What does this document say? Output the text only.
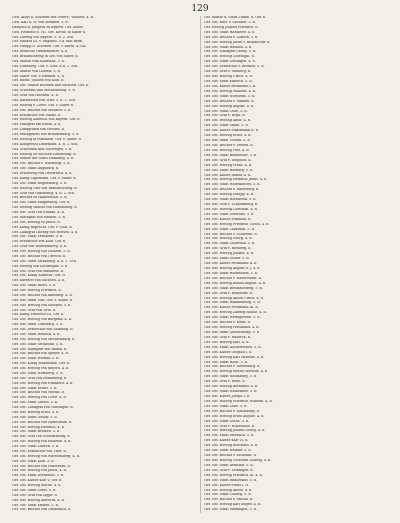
129
Gefl. Aloys d. Schönen von Österr.; Vollbrot. 4. fl.
Gefl. Karl d. IV. von Böhmen. 5. fl.
Heinrich d. Jüngern zu Bayern. Gef. Silber.
Gefl. Heinrich d. VII. Gef. Kreuz. in Silber fl.
Gef. Ludwig von Bayern. 5. fl. 2. Sch.
Gef. Eduard III. v. England. 5 fl. und Riem.
Gef. Philipp d. Schönen. Gef. v. Karth. 4 Sch.
Gef. deutsche Ordenmeister. 4. fl.
Gef. Braunschweig in Gef. von Silber. fl.
Gef. Münze vom Konstanz. 5. fl.
Gef. Nürnberg. Gef. v. Gold. 4 fl. 2. Sch.
Gef. Münze von Lübeck. 5. fl.
Gef. Silber Gef. v. Bremen. 4. fl.
Gef. Rhein. Gulden von Köln. fl.
Gef. Gef. Münze Böhmen und Sachsen. Gef. fl.
Gef. Schwerin und Mecklenburg. 5. fl.
Gef. Graf von Holstein. 4. fl.
Gef. Kurfürsten von Trier. 5. fl. 2. Sch.
Gef. Herzog v. Cleve. Gef. v. Silber. fl.
Gef. Gef. Bischof von Münster. 5. fl.
Gef. Erzbischof von Mainz. fl.
Gef. Herzog Albrecht von Bayern. Gef. fl.
Gef. Pfalzgraf am Rhein. 4. fl.
Gef. Landgrafen von Hessen. fl.
Gef. Markgrafen von Brandenburg. 5. fl.
Gef. Herzog in Pommern. Gef. v. Silber. fl.
Gef. Königreich Dänemark. 4. fl. 2. Sch.
Gef. Schweden und Norwegen. 5. fl.
Gef. Herzog zu Sachsen-Lauenburg. fl.
Gef. Münze der Stadt Hamburg. 4. fl.
Gef. Gef. Bischof v. Würzburg. 5. fl.
Gef. Gef. Stadt Augsburg. fl.
Gef. Erzherzog von Österreich. 4. fl.
Gef. König Sigismund. Gef. v. Silber. fl.
Gef. Gef. Stadt Regensburg. 5. fl.
Gef. Herzog Otto von Braunschweig. fl.
Gef. Graf von Oldenburg. 4. fl. 2. Sch.
Gef. Bischof zu Halberstadt. 5. fl.
Gef. Gef. Stadt Magdeburg. Gef. fl.
Gef. Herzog Wenzel von Luxemburg. fl.
Gef. Gef. Graf von Nassau. 4. fl.
Gef. Markgraf von Meißen. 5. fl.
Gef. Gef. Herzog zu Jülich. fl.
Gef. König Ruprecht. Gef. v. Gold. fl.
Gef. Landgraf Ludwig von Hessen. 4. fl.
Gef. Gef. Stadt Frankfurt. 5. fl.
Gef. Erzbischof von Köln. Gef. fl.
Gef. Graf von Württemberg. 4. fl.
Gef. Gef. Herzog von Geldern. 5. fl.
Gef. Gef. Bischof von Utrecht. fl.
Gef. Gef. Stadt Straßburg. 4. fl. 2. Sch.
Gef. Herzog von Lothringen. 5. fl.
Gef. Gef. Graf von Mansfeld. fl.
Gef. Gef. König Albrecht. Gef. fl.
Gef. Kurfürst von Sachsen. 4. fl.
Gef. Gef. Stadt Basel. 5. fl.
Gef. Gef. Herzog Friedrich. fl.
Gef. Gef. Bischof von Bamberg. 4. fl.
Gef. Gef. Stadt Ulm. Gef. v. Silber. fl.
Gef. Gef. Herzog von Savoyen. 5. fl.
Gef. Gef. Graf von Tirol. fl.
Gef. König Friedrich III. Gef. fl.
Gef. Gef. Herzog von Burgund. 4. fl.
Gef. Gef. Stadt Lüneburg. 5. fl.
Gef. Gef. Erzbischof von Salzburg. fl.
Gef. Gef. Stadt Rostock. 4. fl.
Gef. Gef. Herzog von Mecklenburg. fl.
Gef. Gef. Stadt Stralsund. 5. fl.
Gef. Gef. Markgraf von Baden. fl.
Gef. Gef. Bischof von Speyer. 4. fl.
Gef. Gef. Stadt Wismar. 5. fl.
Gef. Gef. König Maximilian. Gef. fl.
Gef. Gef. Herzog von Bayern. 4. fl.
Gef. Gef. Stadt Nürnberg. 5. fl.
Gef. Gef. Graf von Henneberg. fl.
Gef. Gef. Herzog von Pommern. 4. fl.
Gef. Gef. Stadt Erfurt. 5. fl.
Gef. Gef. Bischof von Worms. fl.
Gef. Gef. Herzog von Cleve. 4. fl.
Gef. Gef. Stadt Zürich. 5. fl.
Gef. Gef. Landgraf von Thüringen. fl.
Gef. Gef. Herzog Ernst. 4. fl.
Gef. Gef. Stadt Goslar. 5. fl.
Gef. Gef. Bischof von Hildesheim. fl.
Gef. Gef. Herzog Heinrich. 4. fl.
Gef. Gef. Stadt Bremen. 5. fl.
Gef. Gef. Graf von Schwarzburg. fl.
Gef. Gef. Herzog von Holstein. 4. fl.
Gef. Gef. Stadt Lübeck. 5. fl.
Gef. Gef. Erzbischof von Trier. fl.
Gef. Gef. Herzog von Württemberg. 4. fl.
Gef. Gef. Stadt Köln. 5. fl.
Gef. Gef. Bischof von Paderborn. fl.
Gef. Gef. Herzog von Jülich. 4. fl.
Gef. Gef. Stadt Dortmund. 5. fl.
Gef. Gef. Kaiser Karl V. Gef. fl.
Gef. Gef. Herzog Moritz. 4. fl.
Gef. Gef. Stadt Soest. 5. fl.
Gef. Gef. Graf von Lippe. fl.
Gef. Gef. Herzog Albrecht. 4. fl.
Gef. Gef. Stadt Emden. 5. fl.
Gef. Gef. Bischof von Osnabrück. fl.
Gef. Münze d. Stadt Lüneb. u. Gef. fl.
Gef. Gef. Kurf. v. Sachsen. 5. fl.
Gef. Herzog Johann Friedrich. fl.
Gef. Gef. Stadt Hannover. 4. fl.
Gef. Gef. Bischof v. Lübeck. 5. fl.
Gef. Gef. Herzog Julius v. Braunschw. fl.
Gef. Gef. Stadt Hameln. 4. fl.
Gef. Gef. Markgraf Georg. 5. fl.
Gef. Gef. Herzog Christoph. fl.
Gef. Gef. Stadt Göttingen. 4. fl.
Gef. Gef. Erzbischof v. Bremen. 5. fl.
Gef. Gef. Graf v. Stolberg. fl.
Gef. Gef. Herzog Ulrich. 4. fl.
Gef. Gef. Stadt Einbeck. 5. fl.
Gef. Gef. Kaiser Ferdinand I. fl.
Gef. Gef. Herzog Wilhelm. 4. fl.
Gef. Gef. Stadt Northeim. 5. fl.
Gef. Gef. Bischof v. Minden. fl.
Gef. Gef. Herzog August. 4. fl.
Gef. Gef. Stadt Celle. 5. fl.
Gef. Gef. Graf v. Hoya. fl.
Gef. Gef. Herzog Adolf. 4. fl.
Gef. Gef. Stadt Stade. 5. fl.
Gef. Gef. Kaiser Maximilian II. fl.
Gef. Gef. Herzog Ernst. 4. fl.
Gef. Gef. Stadt Uelzen. 5. fl.
Gef. Gef. Bischof v. Verden. fl.
Gef. Gef. Herzog Otto. 4. fl.
Gef. Gef. Stadt Buxtehude. 5. fl.
Gef. Gef. Graf v. Diepholz. fl.
Gef. Gef. Herzog Franz. 4. fl.
Gef. Gef. Stadt Harburg. 5. fl.
Gef. Gef. Kaiser Rudolf II. fl.
Gef. Gef. Herzog Heinrich Julius. 4. fl.
Gef. Gef. Stadt Wolfenbüttel. 5. fl.
Gef. Gef. Bischof v. Ratzeburg. fl.
Gef. Gef. Herzog Philipp. 4. fl.
Gef. Gef. Stadt Helmstedt. 5. fl.
Gef. Gef. Graf v. Schaumburg. fl.
Gef. Gef. Herzog Christian. 4. fl.
Gef. Gef. Stadt Osterode. 5. fl.
Gef. Gef. Kaiser Matthias. fl.
Gef. Gef. Herzog Friedrich Ulrich. 4. fl.
Gef. Gef. Stadt Clausthal. 5. fl.
Gef. Gef. Bischof v. Schwerin. fl.
Gef. Gef. Herzog Georg. 4. fl.
Gef. Gef. Stadt Zellerfeld. 5. fl.
Gef. Gef. Graf v. Rietberg. fl.
Gef. Gef. Herzog Johann. 4. fl.
Gef. Gef. Stadt Goslar. 5. fl.
Gef. Gef. Kaiser Ferdinand II. fl.
Gef. Gef. Herzog August d. J. 4. fl.
Gef. Gef. Stadt Hildesheim. 5. fl.
Gef. Gef. Bischof v. Halberstadt. fl.
Gef. Gef. Herzog Rudolf August. 4. fl.
Gef. Gef. Stadt Braunschweig. 5. fl.
Gef. Gef. Graf v. Bentheim. fl.
Gef. Gef. Herzog Anton Ulrich. 4. fl.
Gef. Gef. Stadt Blankenburg. 5. fl.
Gef. Gef. Kaiser Ferdinand III. fl.
Gef. Gef. Herzog Ludwig Rudolf. 4. fl.
Gef. Gef. Stadt Wernigerode. 5. fl.
Gef. Gef. Bischof v. Eutin. fl.
Gef. Gef. Herzog Ferdinand. 4. fl.
Gef. Gef. Stadt Quedlinburg. 5. fl.
Gef. Gef. Graf v. Waldeck. fl.
Gef. Gef. Herzog Karl. 4. fl.
Gef. Gef. Stadt Aschersleben. 5. fl.
Gef. Gef. Kaiser Leopold I. fl.
Gef. Gef. Herzog Karl Wilhelm. 4. fl.
Gef. Gef. Stadt Halle. 5. fl.
Gef. Gef. Bischof v. Merseburg. fl.
Gef. Gef. Herzog Moritz Wilhelm. 4. fl.
Gef. Gef. Stadt Naumburg. 5. fl.
Gef. Gef. Graf v. Reuß. fl.
Gef. Gef. Herzog Bernhard. 4. fl.
Gef. Gef. Stadt Weißenfels. 5. fl.
Gef. Gef. Kaiser Joseph I. fl.
Gef. Gef. Herzog Friedrich Wilhelm. 4. fl.
Gef. Gef. Stadt Zeitz. 5. fl.
Gef. Gef. Bischof v. Naumburg. fl.
Gef. Gef. Herzog Ernst August. 4. fl.
Gef. Gef. Stadt Gotha. 5. fl.
Gef. Gef. Graf v. Hohenlohe. fl.
Gef. Gef. Herzog Johann Georg. 4. fl.
Gef. Gef. Stadt Eisenach. 5. fl.
Gef. Gef. Kaiser Karl VI. fl.
Gef. Gef. Herzog Eberhard. 4. fl.
Gef. Gef. Stadt Weimar. 5. fl.
Gef. Gef. Bischof v. Eichstätt. fl.
Gef. Gef. Herzog Christian Ludwig. 4. fl.
Gef. Gef. Stadt Arnstadt. 5. fl.
Gef. Gef. Graf v. Leiningen. fl.
Gef. Gef. Herzog Friedrich III. 4. fl.
Gef. Gef. Stadt Rudolstadt. 5. fl.
Gef. Gef. Kaiser Franz I. fl.
Gef. Gef. Herzog Anton. 4. fl.
Gef. Gef. Stadt Coburg. 5. fl.
Gef. Gef. Bischof v. Passau. fl.
Gef. Gef. Herzog Karl Eugen. 4. fl.
Gef. Gef. Stadt Meiningen. 5. fl.
